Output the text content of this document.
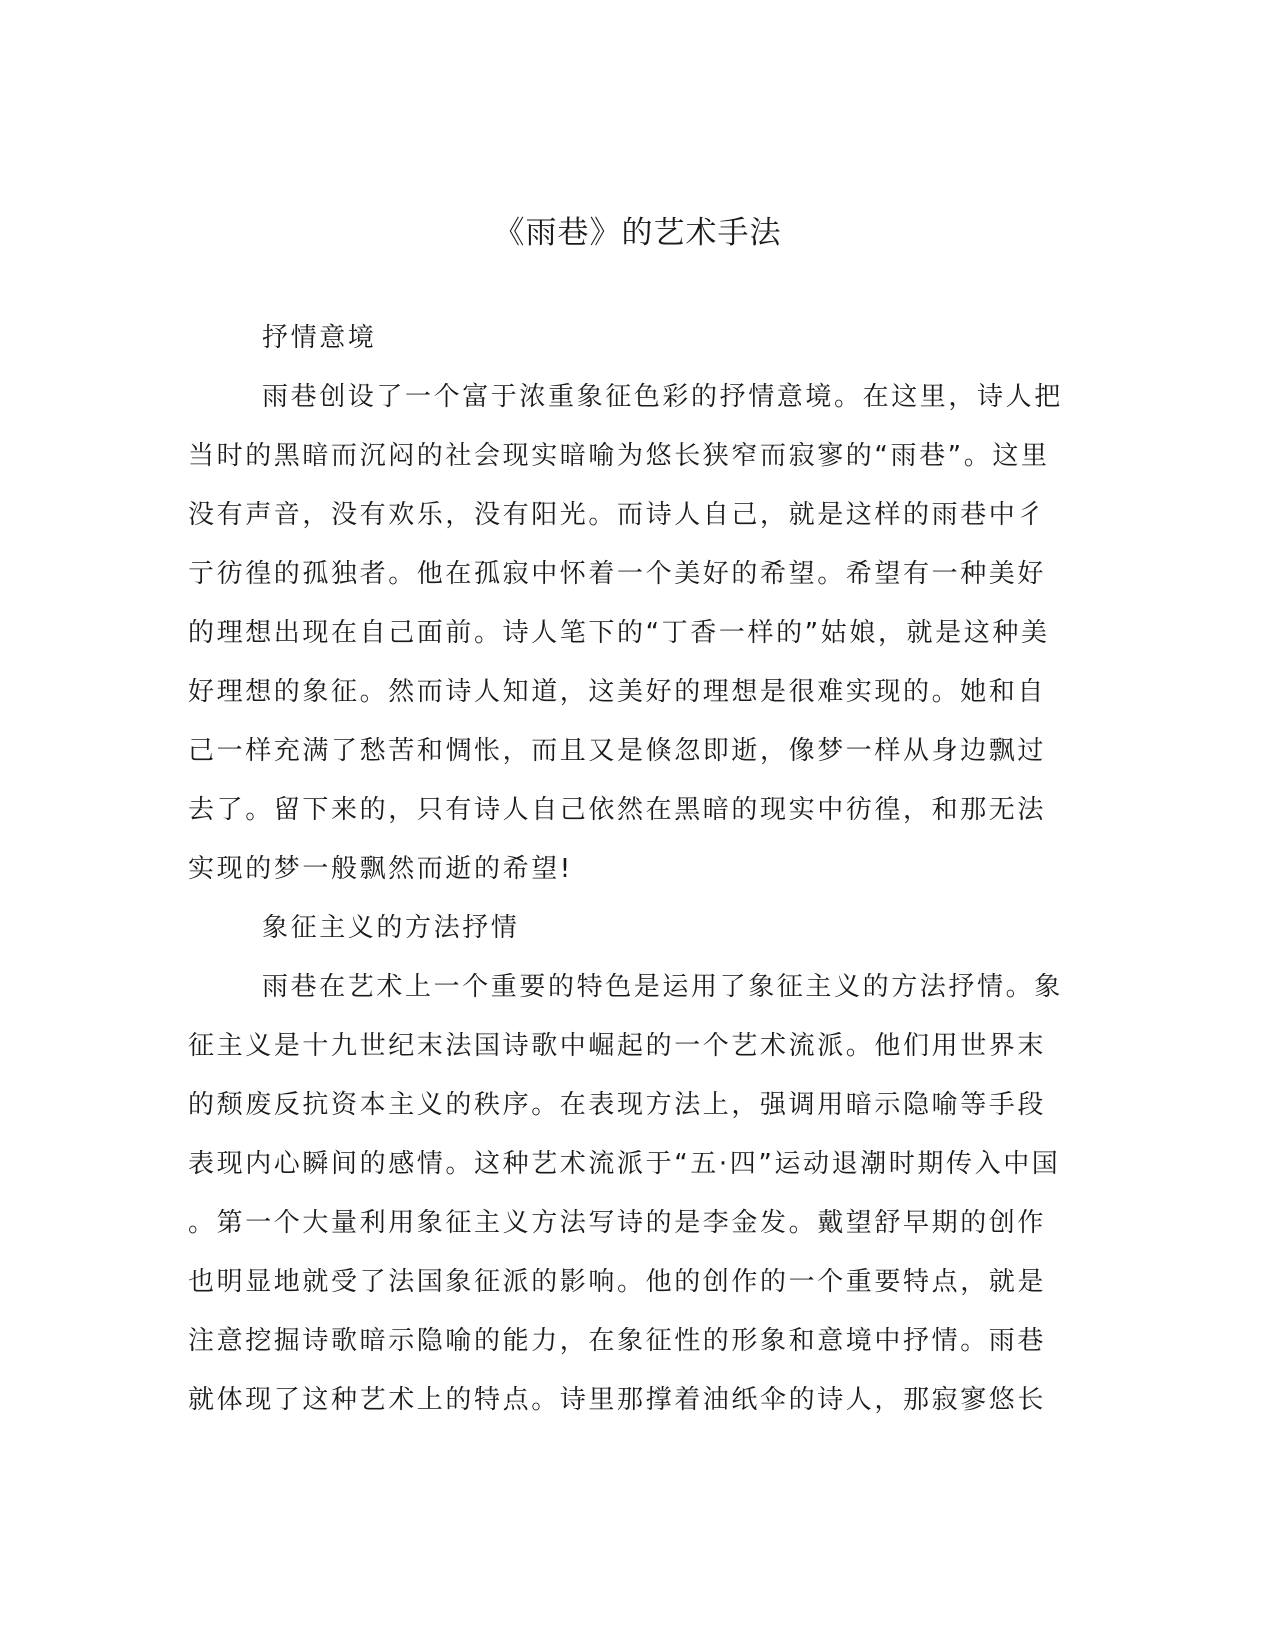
《雨巷》的艺术手法

抒情意境

雨巷创设了一个富于浓重象征色彩的抒情意境。在这里，诗人把

当时的黑暗而沉闷的社会现实暗喻为悠长狭窄而寂寥的“雨巷”。这里

没有声音，没有欢乐，没有阳光。而诗人自己，就是这样的雨巷中彳

亍彷徨的孤独者。他在孤寂中怀着一个美好的希望。希望有一种美好

的理想出现在自己面前。诗人笔下的“丁香一样的”姑娘，就是这种美

好理想的象征。然而诗人知道，这美好的理想是很难实现的。她和自

己一样充满了愁苦和惆怅，而且又是倏忽即逝，像梦一样从身边飘过

去了。留下来的，只有诗人自己依然在黑暗的现实中彷徨，和那无法

实现的梦一般飘然而逝的希望!

象征主义的方法抒情

雨巷在艺术上一个重要的特色是运用了象征主义的方法抒情。象

征主义是十九世纪末法国诗歌中崛起的一个艺术流派。他们用世界末

的颓废反抗资本主义的秩序。在表现方法上，强调用暗示隐喻等手段

表现内心瞬间的感情。这种艺术流派于“五·四”运动退潮时期传入中国

。第一个大量利用象征主义方法写诗的是李金发。戴望舒早期的创作

也明显地就受了法国象征派的影响。他的创作的一个重要特点，就是

注意挖掘诗歌暗示隐喻的能力，在象征性的形象和意境中抒情。雨巷

就体现了这种艺术上的特点。诗里那撑着油纸伞的诗人，那寂寥悠长
